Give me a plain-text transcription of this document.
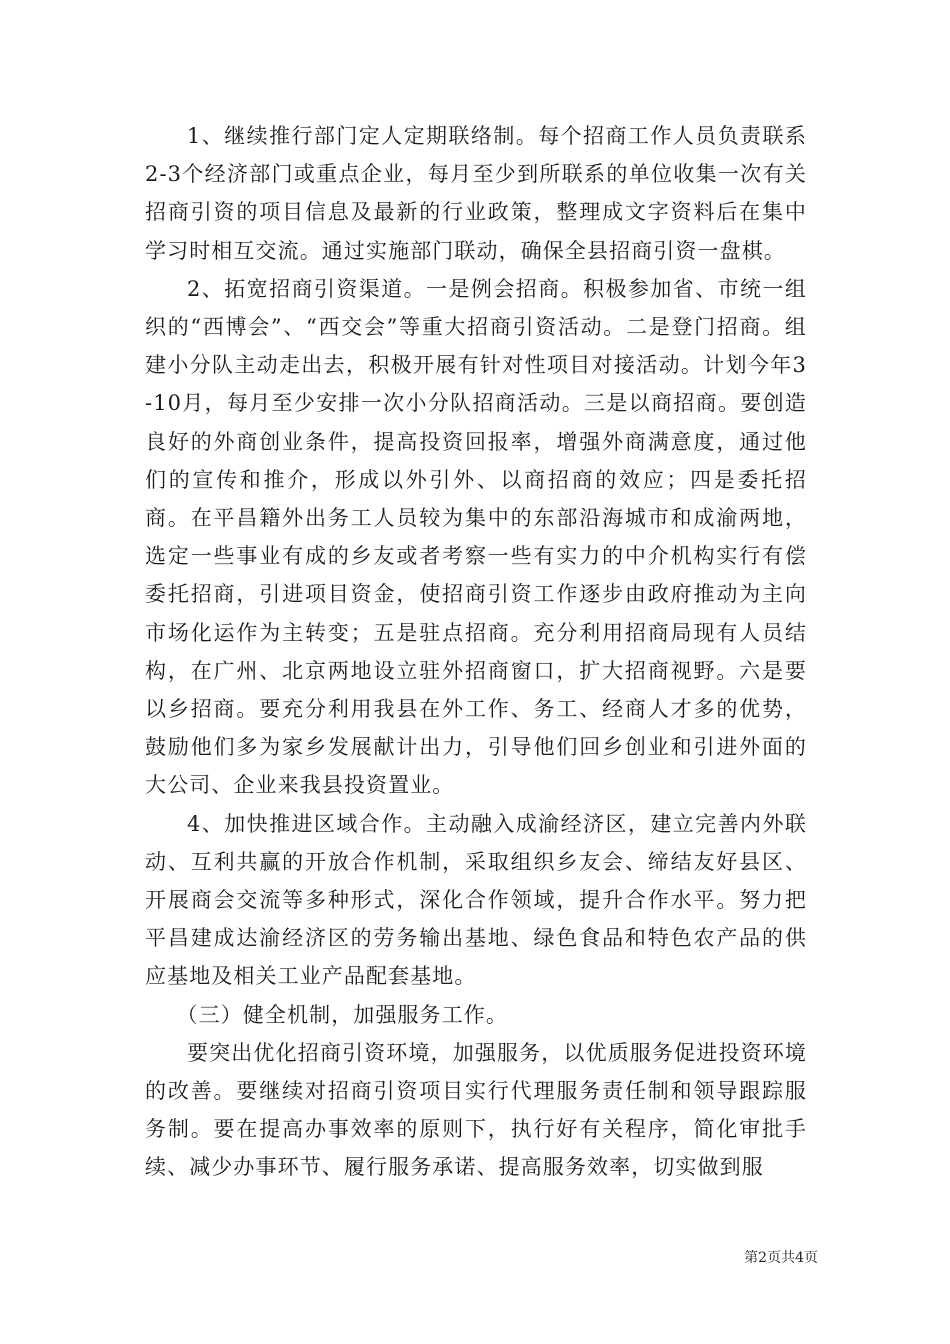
1、继续推行部门定人定期联络制。每个招商工作人员负责联系2-3个经济部门或重点企业，每月至少到所联系的单位收集一次有关招商引资的项目信息及最新的行业政策，整理成文字资料后在集中学习时相互交流。通过实施部门联动，确保全县招商引资一盘棋。

2、拓宽招商引资渠道。一是例会招商。积极参加省、市统一组织的“西博会”、“西交会”等重大招商引资活动。二是登门招商。组建小分队主动走出去，积极开展有针对性项目对接活动。计划今年3-10月，每月至少安排一次小分队招商活动。三是以商招商。要创造良好的外商创业条件，提高投资回报率，增强外商满意度，通过他们的宣传和推介，形成以外引外、以商招商的效应；四是委托招商。在平昌籍外出务工人员较为集中的东部沿海城市和成渝两地，选定一些事业有成的乡友或者考察一些有实力的中介机构实行有偿委托招商，引进项目资金，使招商引资工作逐步由政府推动为主向市场化运作为主转变；五是驻点招商。充分利用招商局现有人员结构，在广州、北京两地设立驻外招商窗口，扩大招商视野。六是要以乡招商。要充分利用我县在外工作、务工、经商人才多的优势，鼓励他们多为家乡发展献计出力，引导他们回乡创业和引进外面的大公司、企业来我县投资置业。

4、加快推进区域合作。主动融入成渝经济区，建立完善内外联动、互利共赢的开放合作机制，采取组织乡友会、缔结友好县区、开展商会交流等多种形式，深化合作领域，提升合作水平。努力把平昌建成达渝经济区的劳务输出基地、绿色食品和特色农产品的供应基地及相关工业产品配套基地。

（三）健全机制，加强服务工作。

要突出优化招商引资环境，加强服务，以优质服务促进投资环境的改善。要继续对招商引资项目实行代理服务责任制和领导跟踪服务制。要在提高办事效率的原则下，执行好有关程序，简化审批手续、减少办事环节、履行服务承诺、提高服务效率，切实做到服

第2页共4页
